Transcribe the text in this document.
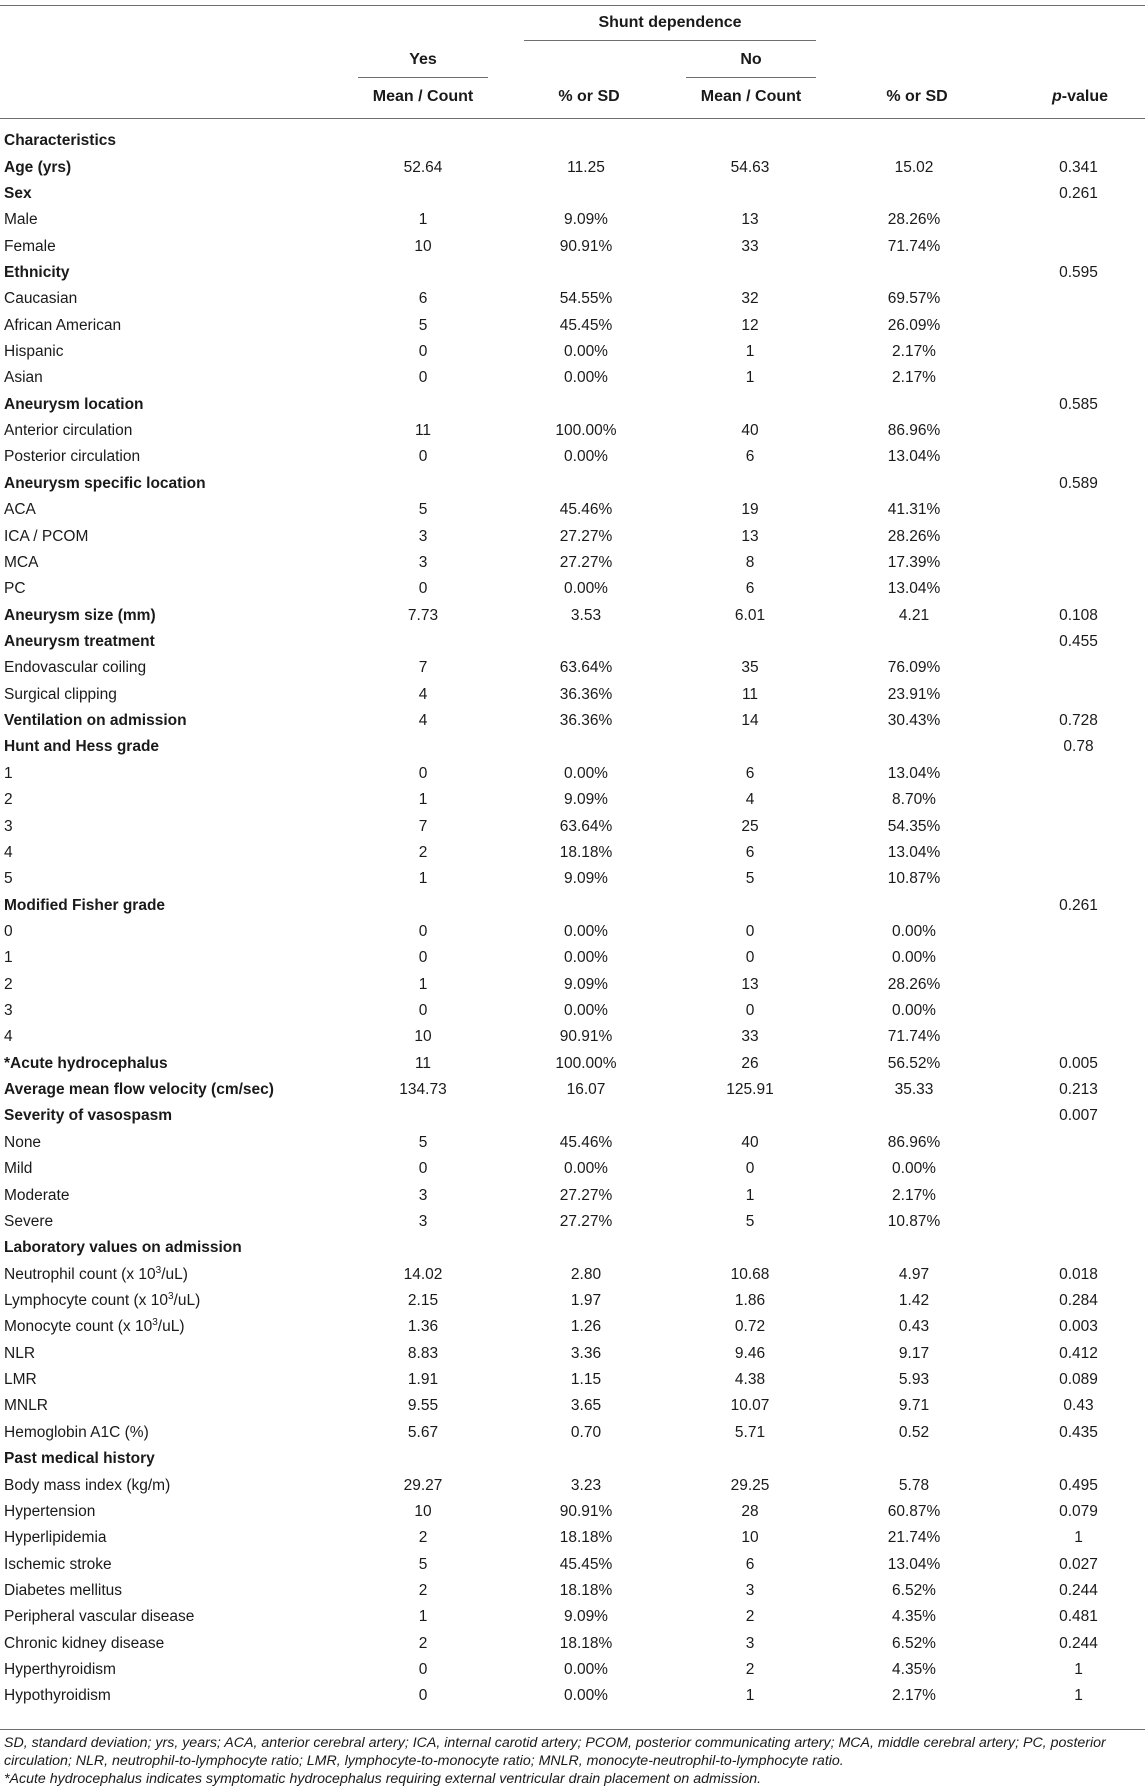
Shunt dependence
Yes	No
Mean / Count	% or SD	Mean / Count	% or SD	p-value
Characteristics					
Age (yrs)	52.64	11.25	54.63	15.02	0.341
Sex					0.261
Male	1	9.09%	13	28.26%	
Female	10	90.91%	33	71.74%	
Ethnicity					0.595
Caucasian	6	54.55%	32	69.57%	
African American	5	45.45%	12	26.09%	
Hispanic	0	0.00%	1	2.17%	
Asian	0	0.00%	1	2.17%	
Aneurysm location					0.585
Anterior circulation	11	100.00%	40	86.96%	
Posterior circulation	0	0.00%	6	13.04%	
Aneurysm specific location					0.589
ACA	5	45.46%	19	41.31%	
ICA / PCOM	3	27.27%	13	28.26%	
MCA	3	27.27%	8	17.39%	
PC	0	0.00%	6	13.04%	
Aneurysm size (mm)	7.73	3.53	6.01	4.21	0.108
Aneurysm treatment					0.455
Endovascular coiling	7	63.64%	35	76.09%	
Surgical clipping	4	36.36%	11	23.91%	
Ventilation on admission	4	36.36%	14	30.43%	0.728
Hunt and Hess grade					0.78
1	0	0.00%	6	13.04%	
2	1	9.09%	4	8.70%	
3	7	63.64%	25	54.35%	
4	2	18.18%	6	13.04%	
5	1	9.09%	5	10.87%	
Modified Fisher grade					0.261
0	0	0.00%	0	0.00%	
1	0	0.00%	0	0.00%	
2	1	9.09%	13	28.26%	
3	0	0.00%	0	0.00%	
4	10	90.91%	33	71.74%	
*Acute hydrocephalus	11	100.00%	26	56.52%	0.005
Average mean flow velocity (cm/sec)	134.73	16.07	125.91	35.33	0.213
Severity of vasospasm					0.007
None	5	45.46%	40	86.96%	
Mild	0	0.00%	0	0.00%	
Moderate	3	27.27%	1	2.17%	
Severe	3	27.27%	5	10.87%	
Laboratory values on admission					
Neutrophil count (x $10^3/uL$)	14.02	2.80	10.68	4.97	0.018
Lymphocyte count (x $10^3/uL$)	2.15	1.97	1.86	1.42	0.284
Monocyte count (x $10^3/uL$)	1.36	1.26	0.72	0.43	0.003
NLR	8.83	3.36	9.46	9.17	0.412
LMR	1.91	1.15	4.38	5.93	0.089
MNLR	9.55	3.65	10.07	9.71	0.43
Hemoglobin A1C (%)	5.67	0.70	5.71	0.52	0.435
Past medical history					
Body mass index (kg/m)	29.27	3.23	29.25	5.78	0.495
Hypertension	10	90.91%	28	60.87%	0.079
Hyperlipidemia	2	18.18%	10	21.74%	1
Ischemic stroke	5	45.45%	6	13.04%	0.027
Diabetes mellitus	2	18.18%	3	6.52%	0.244
Peripheral vascular disease	1	9.09%	2	4.35%	0.481
Chronic kidney disease	2	18.18%	3	6.52%	0.244
Hyperthyroidism	0	0.00%	2	4.35%	1
Hypothyroidism	0	0.00%	1	2.17%	1
SD, standard deviation; yrs, years; ACA, anterior cerebral artery; ICA, internal carotid artery; PCOM, posterior communicating artery; MCA, middle cerebral artery; PC, posterior circulation; NLR, neutrophil-to-lymphocyte ratio; LMR, lymphocyte-to-monocyte ratio; MNLR, monocyte-neutrophil-to-lymphocyte ratio.
*Acute hydrocephalus indicates symptomatic hydrocephalus requiring external ventricular drain placement on admission.
